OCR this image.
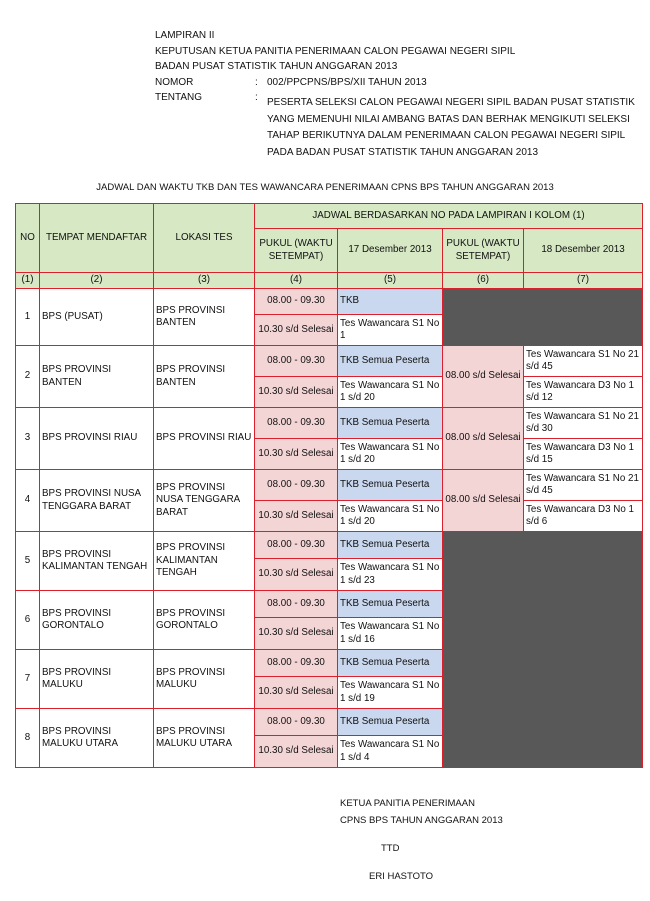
LAMPIRAN II
KEPUTUSAN KETUA PANITIA PENERIMAAN CALON PEGAWAI NEGERI SIPIL
BADAN PUSAT STATISTIK TAHUN ANGGARAN 2013
NOMOR	: 002/PPCPNS/BPS/XII TAHUN 2013
TENTANG	: PESERTA SELEKSI CALON PEGAWAI NEGERI SIPIL BADAN PUSAT STATISTIK
YANG MEMENUHI NILAI AMBANG BATAS DAN BERHAK MENGIKUTI SELEKSI
TAHAP BERIKUTNYA DALAM PENERIMAAN CALON PEGAWAI NEGERI SIPIL
PADA BADAN PUSAT STATISTIK TAHUN ANGGARAN 2013
JADWAL DAN WAKTU TKB DAN TES WAWANCARA PENERIMAAN CPNS BPS TAHUN ANGGARAN 2013
NO	TEMPAT MENDAFTAR	LOKASI TES	JADWAL BERDASARKAN NO PADA LAMPIRAN I KOLOM (1)			
			PUKUL (WAKTU SETEMPAT)	17 Desember 2013	PUKUL (WAKTU SETEMPAT)	18 Desember 2013
(1)	(2)	(3)	(4)	(5)	(6)	(7)
1	BPS (PUSAT)	BPS PROVINSI BANTEN	08.00 - 09.30	TKB		
			10.30 s/d Selesai	Tes Wawancara S1 No 1		
2	BPS PROVINSI BANTEN	BPS PROVINSI BANTEN	08.00 - 09.30	TKB Semua Peserta	08.00 s/d Selesai	Tes Wawancara S1 No 21 s/d 45
			10.30 s/d Selesai	Tes Wawancara S1 No 1 s/d 20		Tes Wawancara D3 No 1 s/d 12
3	BPS PROVINSI RIAU	BPS PROVINSI RIAU	08.00 - 09.30	TKB Semua Peserta	08.00 s/d Selesai	Tes Wawancara S1 No 21 s/d 30
			10.30 s/d Selesai	Tes Wawancara S1 No 1 s/d 20		Tes Wawancara D3 No 1 s/d 15
4	BPS PROVINSI NUSA TENGGARA BARAT	BPS PROVINSI NUSA TENGGARA BARAT	08.00 - 09.30	TKB Semua Peserta	08.00 s/d Selesai	Tes Wawancara S1 No 21 s/d 45
			10.30 s/d Selesai	Tes Wawancara S1 No 1 s/d 20		Tes Wawancara D3 No 1 s/d 6
5	BPS PROVINSI KALIMANTAN TENGAH	BPS PROVINSI KALIMANTAN TENGAH	08.00 - 09.30	TKB Semua Peserta		
			10.30 s/d Selesai	Tes Wawancara S1 No 1 s/d 23		
6	BPS PROVINSI GORONTALO	BPS PROVINSI GORONTALO	08.00 - 09.30	TKB Semua Peserta		
			10.30 s/d Selesai	Tes Wawancara S1 No 1 s/d 16		
7	BPS PROVINSI MALUKU	BPS PROVINSI MALUKU	08.00 - 09.30	TKB Semua Peserta		
			10.30 s/d Selesai	Tes Wawancara S1 No 1 s/d 19		
8	BPS PROVINSI MALUKU UTARA	BPS PROVINSI MALUKU UTARA	08.00 - 09.30	TKB Semua Peserta		
			10.30 s/d Selesai	Tes Wawancara S1 No 1 s/d 4		
KETUA PANITIA PENERIMAAN
CPNS BPS TAHUN ANGGARAN 2013
TTD
ERI HASTOTO
